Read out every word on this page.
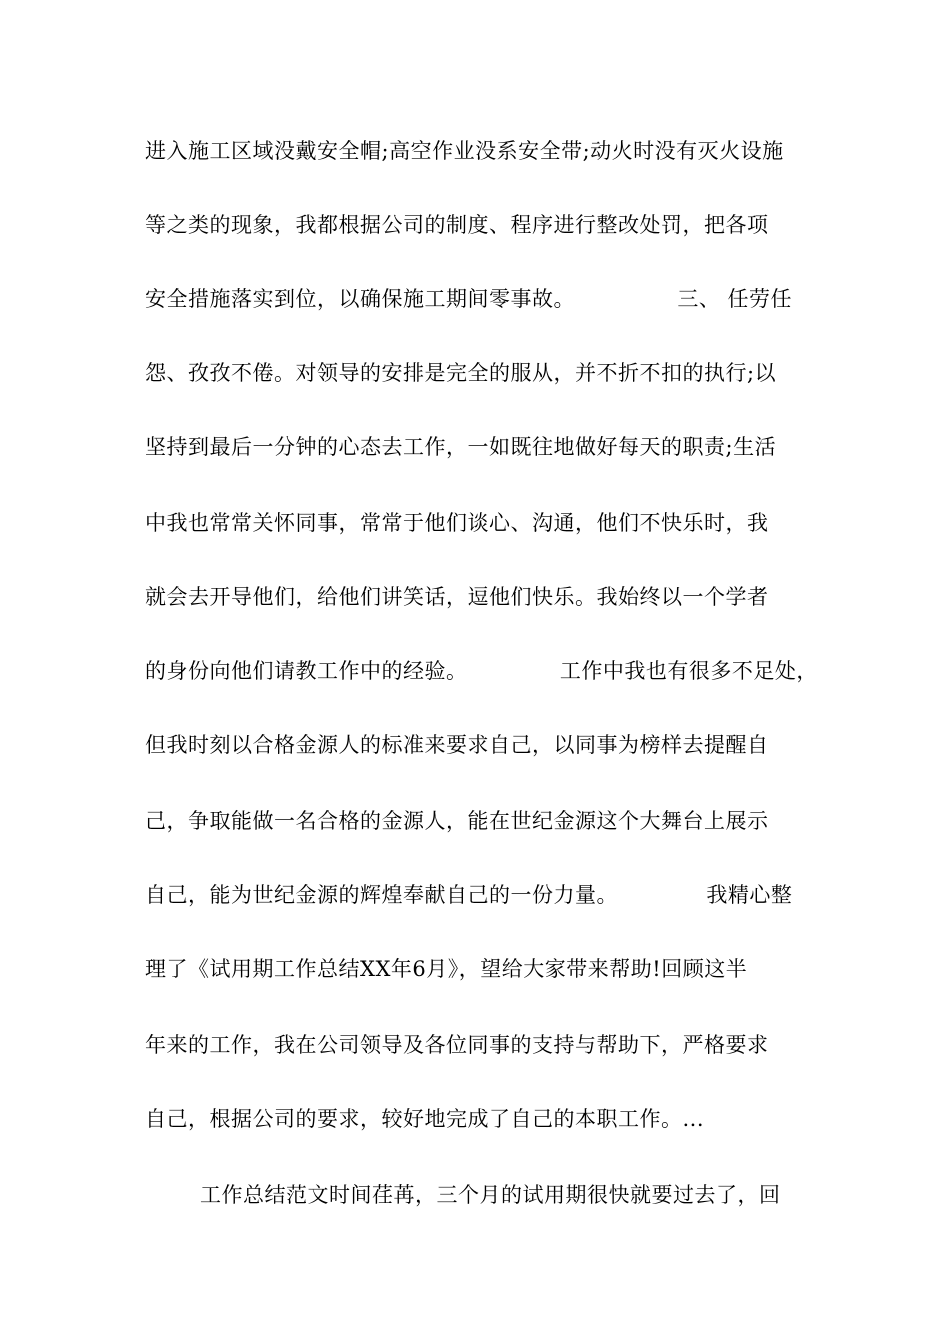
进入施工区域没戴安全帽;高空作业没系安全带;动火时没有灭火设施
等之类的现象，我都根据公司的制度、程序进行整改处罚，把各项
安全措施落实到位，以确保施工期间零事故。	三、 任劳任
怨、孜孜不倦。对领导的安排是完全的服从，并不折不扣的执行;以
坚持到最后一分钟的心态去工作，一如既往地做好每天的职责;生活
中我也常常关怀同事，常常于他们谈心、沟通，他们不快乐时，我
就会去开导他们，给他们讲笑话，逗他们快乐。我始终以一个学者
的身份向他们请教工作中的经验。	工作中我也有很多不足处，
但我时刻以合格金源人的标准来要求自己，以同事为榜样去提醒自
己，争取能做一名合格的金源人，能在世纪金源这个大舞台上展示
自己，能为世纪金源的辉煌奉献自己的一份力量。	我精心整
理了《试用期工作总结XX年6月》，望给大家带来帮助!回顾这半
年来的工作，我在公司领导及各位同事的支持与帮助下，严格要求
自己，根据公司的要求，较好地完成了自己的本职工作。...
工作总结范文时间荏苒，三个月的试用期很快就要过去了，回
